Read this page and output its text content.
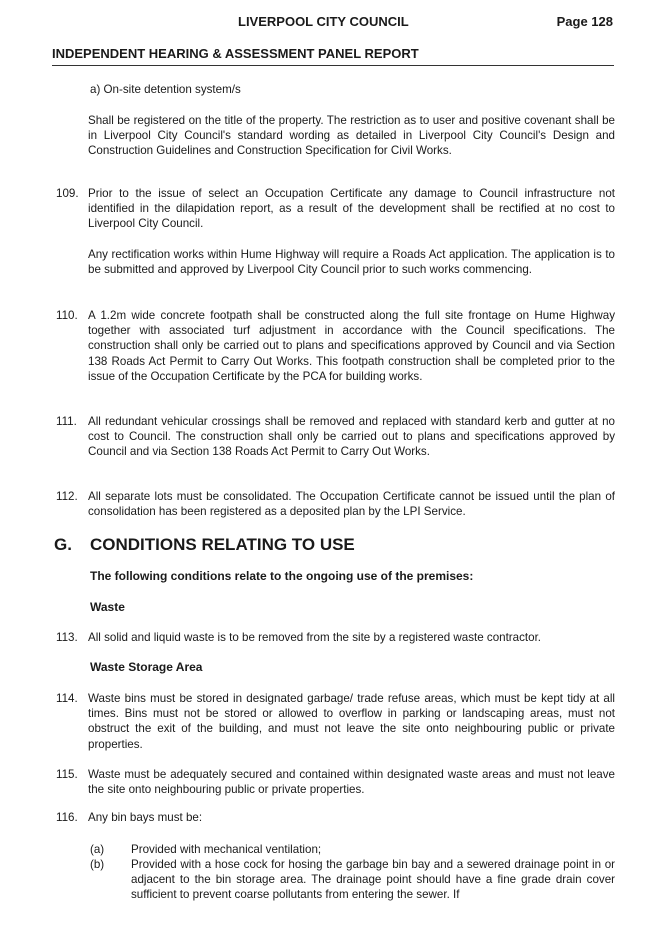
LIVERPOOL CITY COUNCIL	Page 128
INDEPENDENT HEARING & ASSESSMENT PANEL REPORT
a) On-site detention system/s
Shall be registered on the title of the property. The restriction as to user and positive covenant shall be in Liverpool City Council's standard wording as detailed in Liverpool City Council's Design and Construction Guidelines and Construction Specification for Civil Works.
109. Prior to the issue of select an Occupation Certificate any damage to Council infrastructure not identified in the dilapidation report, as a result of the development shall be rectified at no cost to Liverpool City Council.
Any rectification works within Hume Highway will require a Roads Act application. The application is to be submitted and approved by Liverpool City Council prior to such works commencing.
110. A 1.2m wide concrete footpath shall be constructed along the full site frontage on Hume Highway together with associated turf adjustment in accordance with the Council specifications. The construction shall only be carried out to plans and specifications approved by Council and via Section 138 Roads Act Permit to Carry Out Works. This footpath construction shall be completed prior to the issue of the Occupation Certificate by the PCA for building works.
111. All redundant vehicular crossings shall be removed and replaced with standard kerb and gutter at no cost to Council. The construction shall only be carried out to plans and specifications approved by Council and via Section 138 Roads Act Permit to Carry Out Works.
112. All separate lots must be consolidated. The Occupation Certificate cannot be issued until the plan of consolidation has been registered as a deposited plan by the LPI Service.
G. CONDITIONS RELATING TO USE
The following conditions relate to the ongoing use of the premises:
Waste
113. All solid and liquid waste is to be removed from the site by a registered waste contractor.
Waste Storage Area
114. Waste bins must be stored in designated garbage/ trade refuse areas, which must be kept tidy at all times. Bins must not be stored or allowed to overflow in parking or landscaping areas, must not obstruct the exit of the building, and must not leave the site onto neighbouring public or private properties.
115. Waste must be adequately secured and contained within designated waste areas and must not leave the site onto neighbouring public or private properties.
116. Any bin bays must be:
(a) Provided with mechanical ventilation;
(b) Provided with a hose cock for hosing the garbage bin bay and a sewered drainage point in or adjacent to the bin storage area. The drainage point should have a fine grade drain cover sufficient to prevent coarse pollutants from entering the sewer. If
